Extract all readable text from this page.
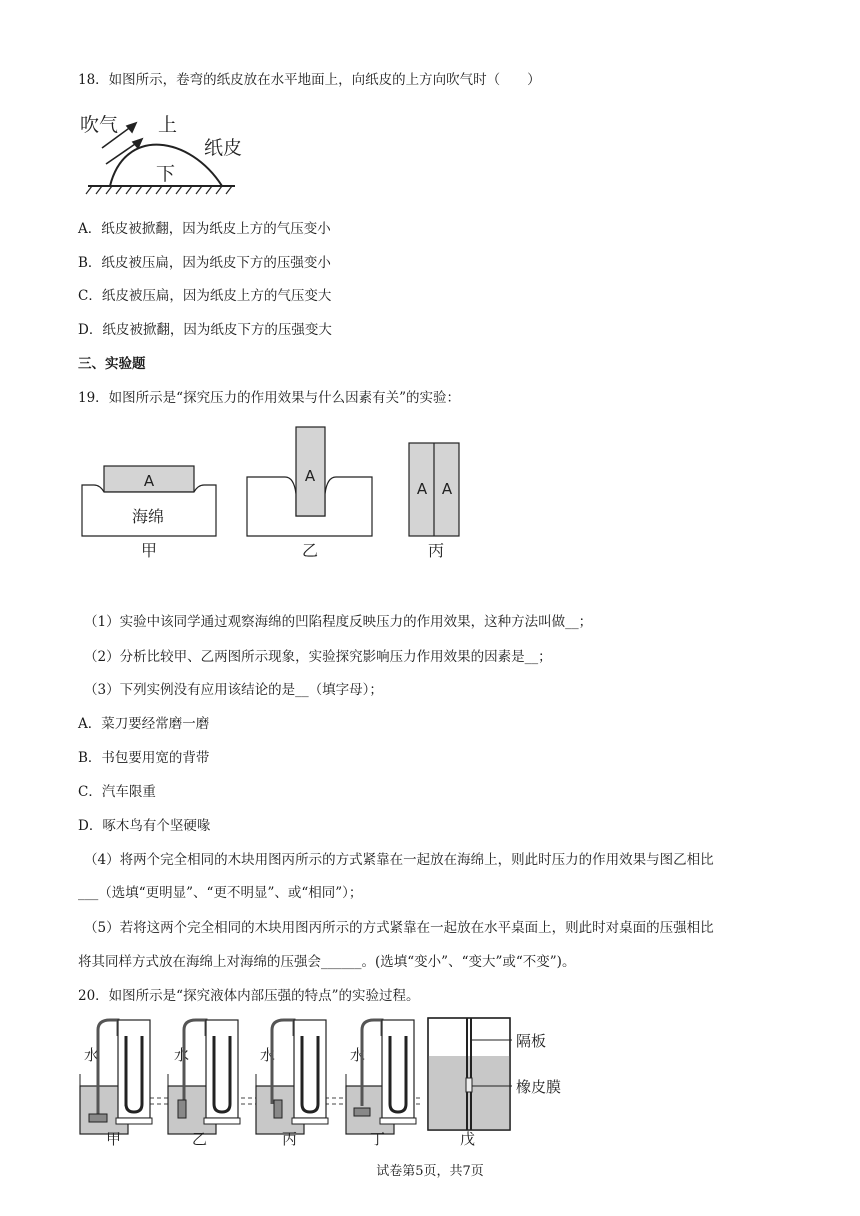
18．如图所示，卷弯的纸皮放在水平地面上，向纸皮的上方向吹气时（　　）
吹气 上
纸皮
下
A．纸皮被掀翻，因为纸皮上方的气压变小
B．纸皮被压扁，因为纸皮下方的压强变小
C．纸皮被压扁，因为纸皮上方的气压变大
D．纸皮被掀翻，因为纸皮下方的压强变大
三、实验题
19．如图所示是“探究压力的作用效果与什么因素有关”的实验：
A
海绵
甲
A
乙
A A
丙
（1）实验中该同学通过观察海绵的凹陷程度反映压力的作用效果，这种方法叫做__；
（2）分析比较甲、乙两图所示现象，实验探究影响压力作用效果的因素是__；
（3）下列实例没有应用该结论的是__（填字母）；
A．菜刀要经常磨一磨
B．书包要用宽的背带
C．汽车限重
D．啄木鸟有个坚硬喙
（4）将两个完全相同的木块用图丙所示的方式紧靠在一起放在海绵上，则此时压力的作用效果与图乙相比
___（选填“更明显”、“更不明显”、或“相同”）；
（5）若将这两个完全相同的木块用图丙所示的方式紧靠在一起放在水平桌面上，则此时对桌面的压强相比
将其同样方式放在海绵上对海绵的压强会______。(选填“变小”、“变大”或“不变”)。
20．如图所示是“探究液体内部压强的特点”的实验过程。
水
甲
水
乙
水
丙
水
丁
隔板
橡皮膜
戊
试卷第5页，共7页
